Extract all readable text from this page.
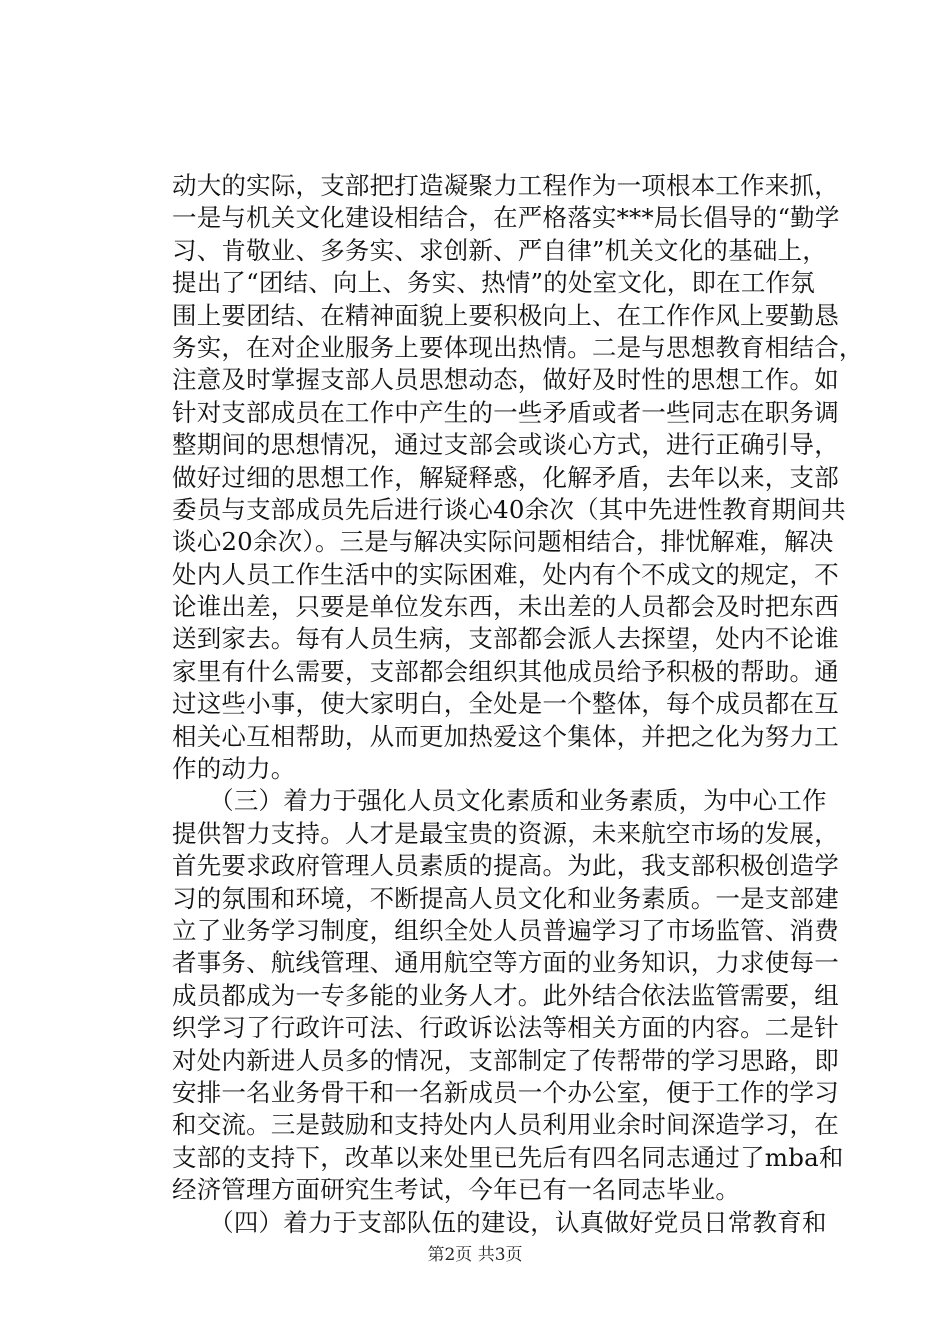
动大的实际，支部把打造凝聚力工程作为一项根本工作来抓，
一是与机关文化建设相结合，在严格落实***局长倡导的“勤学
习、肯敬业、多务实、求创新、严自律”机关文化的基础上，
提出了“团结、向上、务实、热情”的处室文化，即在工作氛
围上要团结、在精神面貌上要积极向上、在工作作风上要勤恳
务实，在对企业服务上要体现出热情。二是与思想教育相结合，
注意及时掌握支部人员思想动态，做好及时性的思想工作。如
针对支部成员在工作中产生的一些矛盾或者一些同志在职务调
整期间的思想情况，通过支部会或谈心方式，进行正确引导，
做好过细的思想工作，解疑释惑，化解矛盾，去年以来，支部
委员与支部成员先后进行谈心40余次（其中先进性教育期间共
谈心20余次）。三是与解决实际问题相结合，排忧解难，解决
处内人员工作生活中的实际困难，处内有个不成文的规定，不
论谁出差，只要是单位发东西，未出差的人员都会及时把东西
送到家去。每有人员生病，支部都会派人去探望，处内不论谁
家里有什么需要，支部都会组织其他成员给予积极的帮助。通
过这些小事，使大家明白，全处是一个整体，每个成员都在互
相关心互相帮助，从而更加热爱这个集体，并把之化为努力工
作的动力。
　　（三）着力于强化人员文化素质和业务素质，为中心工作
提供智力支持。人才是最宝贵的资源，未来航空市场的发展，
首先要求政府管理人员素质的提高。为此，我支部积极创造学
习的氛围和环境，不断提高人员文化和业务素质。一是支部建
立了业务学习制度，组织全处人员普遍学习了市场监管、消费
者事务、航线管理、通用航空等方面的业务知识，力求使每一
成员都成为一专多能的业务人才。此外结合依法监管需要，组
织学习了行政许可法、行政诉讼法等相关方面的内容。二是针
对处内新进人员多的情况，支部制定了传帮带的学习思路，即
安排一名业务骨干和一名新成员一个办公室，便于工作的学习
和交流。三是鼓励和支持处内人员利用业余时间深造学习，在
支部的支持下，改革以来处里已先后有四名同志通过了mba和
经济管理方面研究生考试，今年已有一名同志毕业。
　　（四）着力于支部队伍的建设，认真做好党员日常教育和
第2页 共3页
